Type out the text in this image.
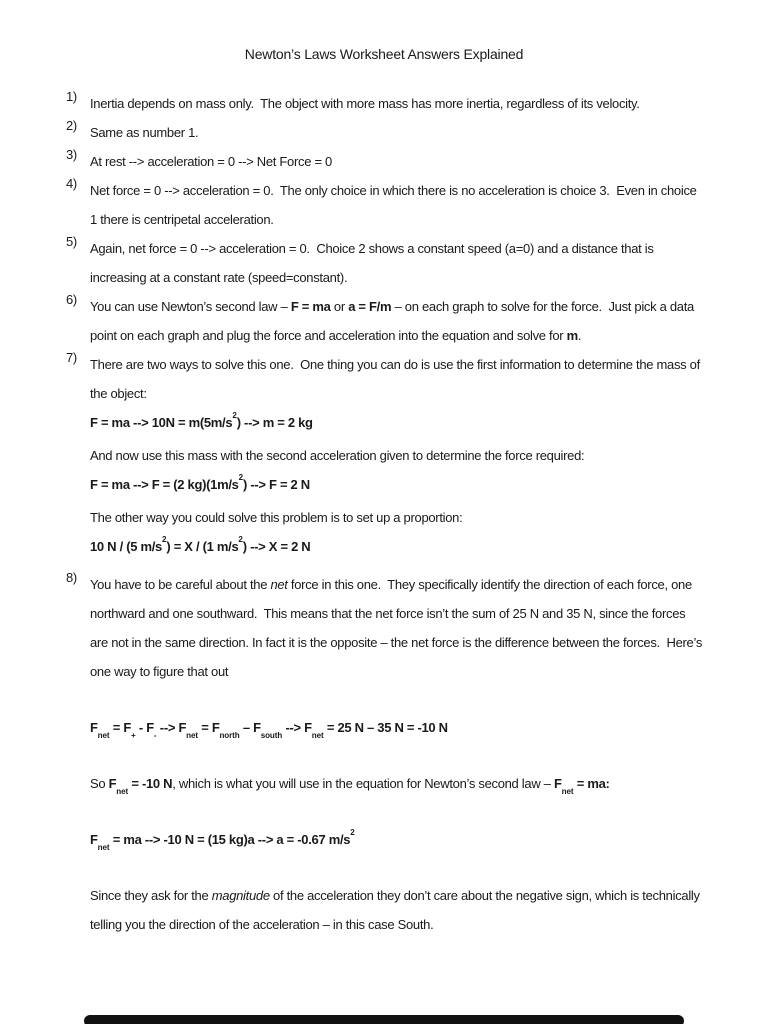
Newton’s Laws Worksheet Answers Explained
1)	Inertia depends on mass only.  The object with more mass has more inertia, regardless of its velocity.

2)	Same as number 1.

3)	At rest --> acceleration = 0 --> Net Force = 0

4)	Net force = 0 --> acceleration = 0.  The only choice in which there is no acceleration is choice 3.  Even in choice 1 there is centripetal acceleration.

5)	Again, net force = 0 --> acceleration = 0.  Choice 2 shows a constant speed (a=0) and a distance that is increasing at a constant rate (speed=constant).

6)	You can use Newton’s second law – F = ma or a = F/m – on each graph to solve for the force.  Just pick a data point on each graph and plug the force and acceleration into the equation and solve for m.

7)	There are two ways to solve this one.  One thing you can do is use the first information to determine the mass of the object:

F = ma --> $10N = m(5m/s^2)$ --> m = 2 kg

And now use this mass with the second acceleration given to determine the force required:

F = ma --> F = (2 $kg)(1m/s^2)$ --> F = 2 N

The other way you could solve this problem is to set up a proportion:

10 N / (5 $m/s^2) = X / (1$ $m/s^2$) --> X = 2 N

8)	You have to be careful about the net force in this one.  They specifically identify the direction of each force, one northward and one southward.  This means that the net force isn’t the sum of 25 N and 35 N, since the forces are not in the same direction. In fact it is the opposite – the net force is the difference between the forces.  Here’s one way to figure that out

$F_{net} = F_+ - F_-$ --> $F_{net} = F_{north} - F_{south}$ --> $F_{net} = 25$ N – 35 N = -10 N

So $F_{net} = -10$ N, which is what you will use in the equation for Newton’s second law – $F_{net}$ = ma:

$F_{net}$ = ma --> -10 N = (15 kg)a --> a = -0.67 $m/s^2$

Since they ask for the magnitude of the acceleration they don’t care about the negative sign, which is technically telling you the direction of the acceleration – in this case South.
